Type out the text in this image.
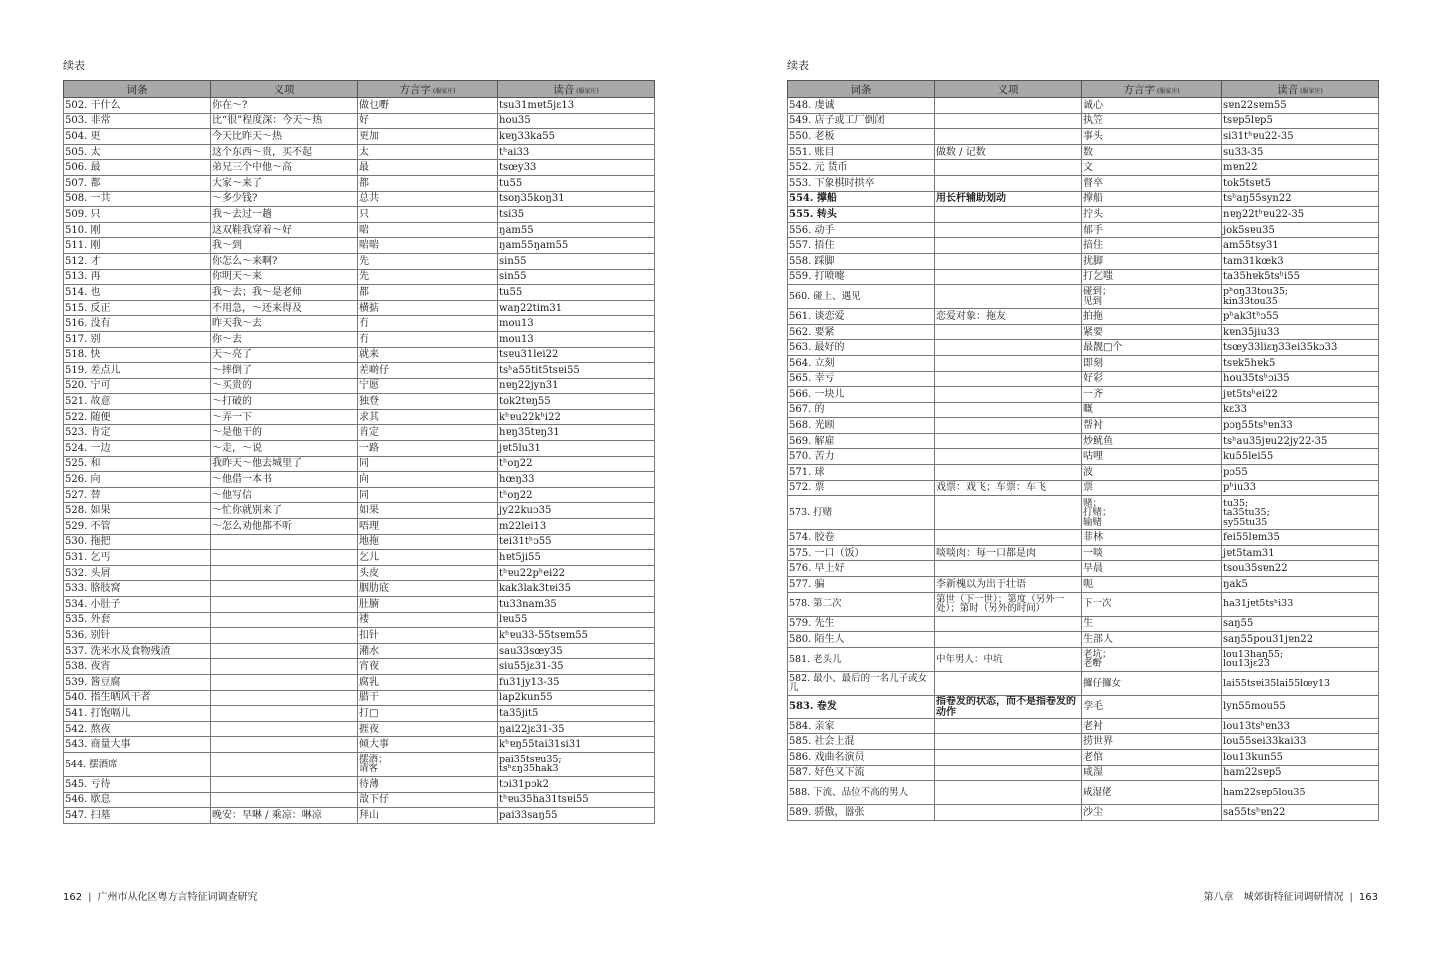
续表
词条	义项	方言字 (服家庄)	读音 (服家庄)
502. 干什么	你在～?	做乜嘢	tsu31mɐt5jɛ13
503. 非常	比“很”程度深：今天～热	好	hou35
504. 更	今天比昨天～热	更加	kɐŋ33ka55
505. 太	这个东西～贵，买不起	太	tʰai33
506. 最	弟兄三个中他～高	最	tsœy33
507. 都	大家～来了	都	tu55
508. 一共	～多少钱?	总共	tsoŋ35koŋ31
509. 只	我～去过一趟	只	tsi35
510. 刚	这双鞋我穿着～好	啱	ŋam55
511. 刚	我～到	啱啱	ŋam55ŋam55
512. 才	你怎么～来啊?	先	sin55
513. 再	你明天～来	先	sin55
514. 也	我～去；我～是老师	都	tu55
515. 反正	不用急，～还来得及	横掂	waŋ22tim31
516. 没有	昨天我～去	冇	mou13
517. 别	你～去	冇	mou13
518. 快	天～亮了	就来	tsɐu31lei22
519. 差点儿	～摔倒了	差啲仔	tsʰa55tit5tsɐi55
520. 宁可	～买贵的	宁愿	nɐŋ22jyn31
521. 故意	～打破的	独登	tok2tɐŋ55
522. 随便	～弄一下	求其	kʰɐu22kʰi22
523. 肯定	～是他干的	肯定	hɐŋ35tɐŋ31
524. 一边	～走，～说	一路	jɐt5lu31
525. 和	我昨天～他去城里了	同	tʰoŋ22
526. 向	～他借一本书	向	hœŋ33
527. 替	～他写信	同	tʰoŋ22
528. 如果	～忙你就别来了	如果	jy22kuɔ35
529. 不管	～怎么劝他都不听	唔理	m22lei13
530. 拖把		地拖	tei31tʰɔ55
531. 乞丐		乞儿	hɐt5ji55
532. 头屑		头皮	tʰɐu22pʰei22
533. 胳肢窝		胭肋底	kak3lak3tɐi35
534. 小肚子		肚腩	tu33nam35
535. 外套		褛	lɐu55
536. 别针		扣针	kʰɐu33-55tsɐm55
537. 洗米水及食物残渣		潲水	sau33sœy35
538. 夜宵		宵夜	siu55jɛ31-35
539. 酱豆腐		腐乳	fu31jy13-35
540. 指生晒风干者		腊干	lap2kun55
541. 打饱嗝儿		打□	ta35jit5
542. 熬夜		捱夜	ŋai22jɛ31-35
543. 商量大事		倾大事	kʰɐŋ55tai31si31
544. 摆酒席		摆酒；
请客	pai35tsɐu35;
tsʰɛŋ35hak3
545. 亏待		待薄	tɔi31pɔk2
546. 歇息		敨下仔	tʰɐu35ha31tsɐi55
547. 扫墓	晚安：早啉 / 乘凉：啉凉	拜山	pai33saŋ55
162 | 广州市从化区粤方言特征词调查研究
续表
词条	义项	方言字 (服家庄)	读音 (服家庄)
548. 虔诚		诚心	sɐn22sɐm55
549. 店子或工厂倒闭		执笠	tsɐp5lɐp5
550. 老板		事头	si31tʰɐu22-35
551. 账目	做数 / 记数	数	su33-35
552. 元 货币		文	mɐn22
553. 下象棋时拱卒		督卒	tok5tsɐt5
554. 撑船	用长杆辅助划动	撑船	tsʰaŋ55syn22
555. 转头		拧头	nɐŋ22tʰɐu22-35
556. 动手		郁手	jok5sɐu35
557. 捂住		揞住	am55tsy31
558. 踩脚		扰脚	tam31kœk3
559. 打喷嚏		打乞嗤	ta35hɐk5tsʰi55
560. 碰上、遇见		碰到；
见到	pʰoŋ33tou35;
kin33tou35
561. 谈恋爱	恋爱对象：拖友	拍拖	pʰak3tʰɔ55
562. 要紧		紧要	kɐn35jiu33
563. 最好的		最靓□个	tsœy33liɛŋ33ei35kɔ33
564. 立刻		即刻	tsɐk5hɐk5
565. 幸亏		好彩	hou35tsʰɔi35
566. 一块儿		一齐	jɐt5tsʰei22
567. 的		嘅	kɛ33
568. 光顾		帮衬	pɔŋ55tsʰɐn33
569. 解雇		炒鱿鱼	tsʰau35jɐu22jy22-35
570. 苦力		咕哩	ku55lei55
571. 球		波	pɔ55
572. 票	戏票：戏飞；车票：车飞	票	pʰiu33
573. 打赌		赌；
打赌；
输赌	tu35;
ta35tu35;
sy55tu35
574. 胶卷		菲林	fei55lɐm35
575. 一口（饭）	啖啖肉：每一口都是肉	一啖	jɐt5tam31
576. 早上好		早晨	tsou35sɐn22
577. 骗	李新槐以为出于壮语	呃	ŋak5
578. 第二次	第世（下一世）；第度（另外一处）；第时（另外的时间）	下一次	ha31jɐt5tsʰi33
579. 先生		生	saŋ55
580. 陌生人		生部人	saŋ55pou31jɐn22
581. 老头儿	中年男人：中坑	老坑；
老嘢	lou13haŋ55;
lou13jɛ23
582. 最小、最后的一名儿子或女儿		攞仔攞女	lai55tsɐi35lai55lœy13
583. 卷发	指卷发的状态，而不是指卷发的动作	孪毛	lyn55mou55
584. 亲家		老衬	lou13tsʰɐn33
585. 社会上混		捞世界	lou55sei33kai33
586. 戏曲名演员		老倌	lou13kun55
587. 好色又下流		咸湿	ham22sɐp5
588. 下流、品位不高的男人		咸湿佬	ham22sɐp5lou35
589. 骄傲，嚣张		沙尘	sa55tsʰɐn22
第八章　城郊街特征词调研情况 | 163
